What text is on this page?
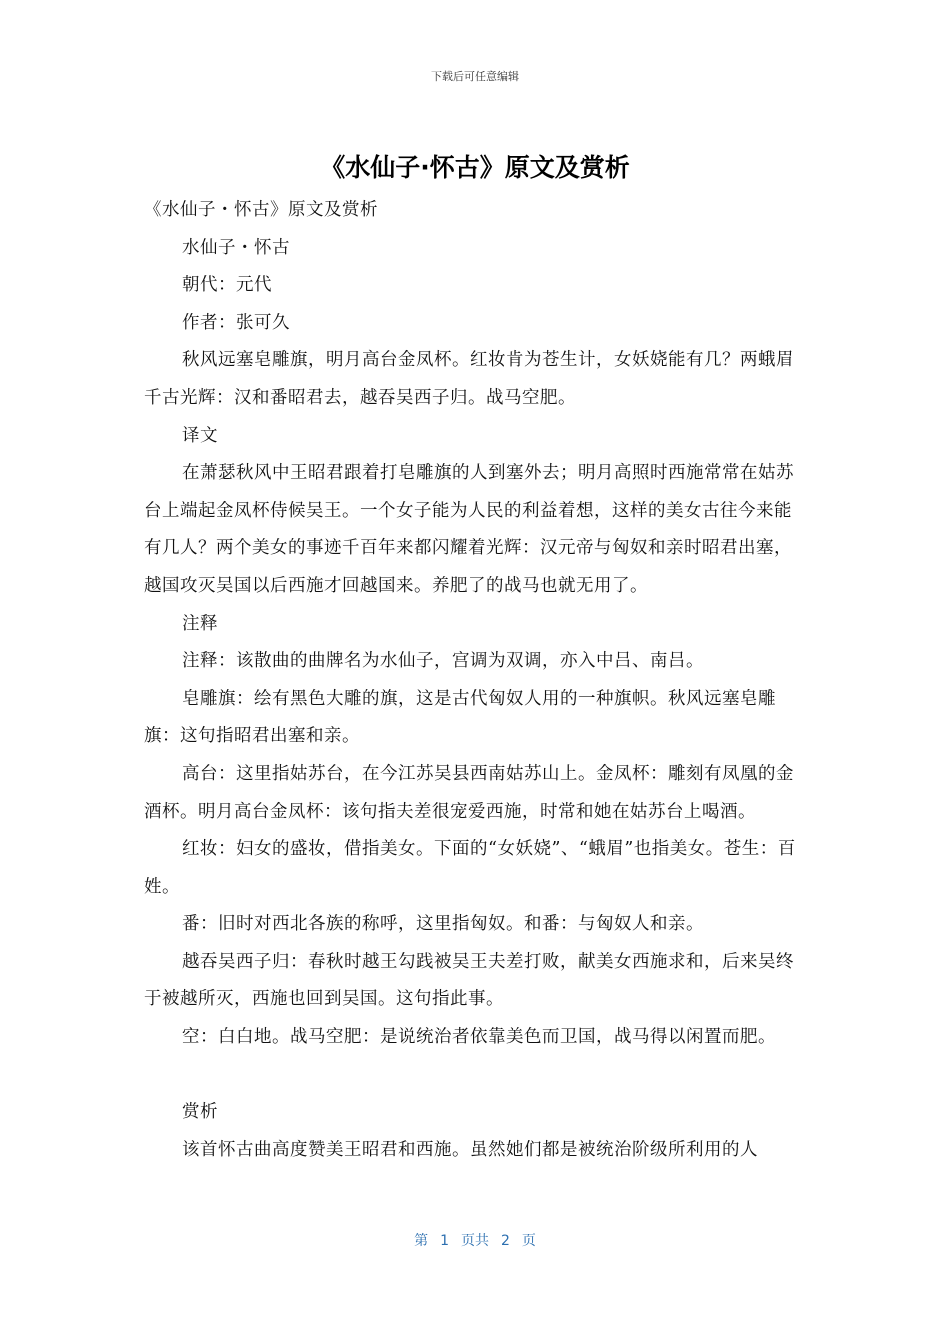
下载后可任意编辑
《水仙子·怀古》原文及赏析

《水仙子・怀古》原文及赏析

水仙子・怀古

朝代：元代

作者：张可久

秋风远塞皂雕旗，明月高台金凤杯。红妆肯为苍生计，女妖娆能有几？两蛾眉千古光辉：汉和番昭君去，越吞吴西子归。战马空肥。

译文

在萧瑟秋风中王昭君跟着打皂雕旗的人到塞外去；明月高照时西施常常在姑苏台上端起金凤杯侍候吴王。一个女子能为人民的利益着想，这样的美女古往今来能有几人？两个美女的事迹千百年来都闪耀着光辉：汉元帝与匈奴和亲时昭君出塞，越国攻灭吴国以后西施才回越国来。养肥了的战马也就无用了。

注释

注释：该散曲的曲牌名为水仙子，宫调为双调，亦入中吕、南吕。

皂雕旗：绘有黑色大雕的旗，这是古代匈奴人用的一种旗帜。秋风远塞皂雕旗：这句指昭君出塞和亲。

高台：这里指姑苏台，在今江苏吴县西南姑苏山上。金凤杯：雕刻有凤凰的金酒杯。明月高台金凤杯：该句指夫差很宠爱西施，时常和她在姑苏台上喝酒。

红妆：妇女的盛妆，借指美女。下面的“女妖娆”、“蛾眉”也指美女。苍生：百姓。

番：旧时对西北各族的称呼，这里指匈奴。和番：与匈奴人和亲。

越吞吴西子归：春秋时越王勾践被吴王夫差打败，献美女西施求和，后来吴终于被越所灭，西施也回到吴国。这句指此事。

空：白白地。战马空肥：是说统治者依靠美色而卫国，战马得以闲置而肥。

赏析

该首怀古曲高度赞美王昭君和西施。虽然她们都是被统治阶级所利用的人

第 1 页共 2 页
